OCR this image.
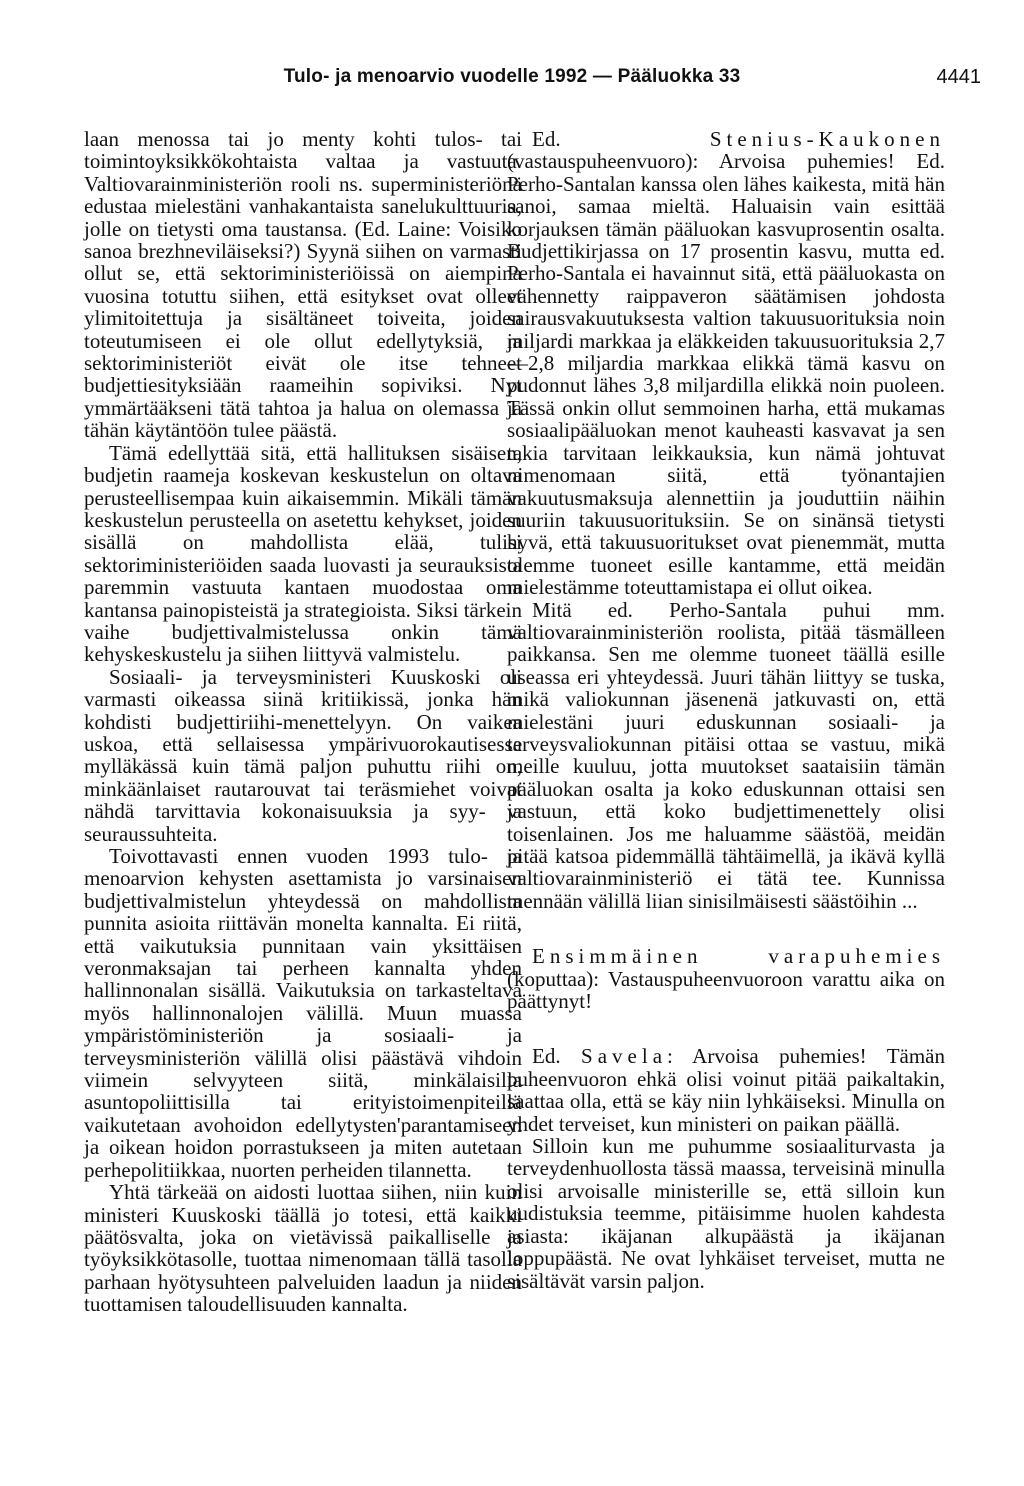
Tulo- ja menoarvio vuodelle 1992 — Pääluokka 33	4441

laan menossa tai jo menty kohti tulos- tai toimintoyksikkökohtaista valtaa ja vastuuta. Valtiovarainministeriön rooli ns. superministeriönä edustaa mielestäni vanhakantaista sanelukulttuuria, jolle on tietysti oma taustansa. (Ed. Laine: Voisiko sanoa brezhneviläiseksi?) Syynä siihen on varmasti ollut se, että sektoriministeriöissä on aiempina vuosina totuttu siihen, että esitykset ovat olleet ylimitoitettuja ja sisältäneet toiveita, joiden toteutumiseen ei ole ollut edellytyksiä, ja sektoriministeriöt eivät ole itse tehneet budjettiesityksiään raameihin sopiviksi. Nyt ymmärtääkseni tätä tahtoa ja halua on olemassa ja tähän käytäntöön tulee päästä.

Tämä edellyttää sitä, että hallituksen sisäisen, budjetin raameja koskevan keskustelun on oltava perusteellisempaa kuin aikaisemmin. Mikäli tämän keskustelun perusteella on asetettu kehykset, joiden sisällä on mahdollista elää, tulisi sektoriministeriöiden saada luovasti ja seurauksista paremmin vastuuta kantaen muodostaa oma kantansa painopisteistä ja strategioista. Siksi tärkein vaihe budjettivalmistelussa onkin tämä kehyskeskustelu ja siihen liittyvä valmistelu.

Sosiaali- ja terveysministeri Kuuskoski oli varmasti oikeassa siinä kritiikissä, jonka hän kohdisti budjettiriihi-menettelyyn. On vaikea uskoa, että sellaisessa ympärivuorokautisessa mylläkässä kuin tämä paljon puhuttu riihi on, minkäänlaiset rautarouvat tai teräsmiehet voivat nähdä tarvittavia kokonaisuuksia ja syy- ja seuraussuhteita.

Toivottavasti ennen vuoden 1993 tulo- ja menoarvion kehysten asettamista jo varsinaisen budjettivalmistelun yhteydessä on mahdollista punnita asioita riittävän monelta kannalta. Ei riitä, että vaikutuksia punnitaan vain yksittäisen veronmaksajan tai perheen kannalta yhden hallinnonalan sisällä. Vaikutuksia on tarkasteltava myös hallinnonalojen välillä. Muun muassa ympäristöministeriön ja sosiaali- ja terveysministeriön välillä olisi päästävä vihdoin viimein selvyyteen siitä, minkälaisilla asuntopoliittisilla tai erityistoimenpiteillä vaikutetaan avohoidon edellytysten'parantamiseen ja oikean hoidon porrastukseen ja miten autetaan perhepolitiikkaa, nuorten perheiden tilannetta.

Yhtä tärkeää on aidosti luottaa siihen, niin kuin ministeri Kuuskoski täällä jo totesi, että kaikki päätösvalta, joka on vietävissä paikalliselle ja työyksikkötasolle, tuottaa nimenomaan tällä tasolla parhaan hyötysuhteen palveluiden laadun ja niiden tuottamisen taloudellisuuden kannalta.

Ed.	Stenius-Kaukonen (vastauspuheenvuoro): Arvoisa puhemies! Ed. Perho-Santalan kanssa olen lähes kaikesta, mitä hän sanoi, samaa mieltä. Haluaisin vain esittää korjauksen tämän pääluokan kasvuprosentin osalta. Budjettikirjassa on 17 prosentin kasvu, mutta ed. Perho-Santala ei havainnut sitä, että pääluokasta on vähennetty raippaveron säätämisen johdosta sairausvakuutuksesta valtion takuusuorituksia noin miljardi markkaa ja eläkkeiden takuusuorituksia 2,7—2,8 miljardia markkaa elikkä tämä kasvu on pudonnut lähes 3,8 miljardilla elikkä noin puoleen. Tässä onkin ollut semmoinen harha, että mukamas sosiaalipääluokan menot kauheasti kasvavat ja sen takia tarvitaan leikkauksia, kun nämä johtuvat nimenomaan siitä, että työnantajien vakuutusmaksuja alennettiin ja jouduttiin näihin suuriin takuusuorituksiin. Se on sinänsä tietysti hyvä, että takuusuoritukset ovat pienemmät, mutta olemme tuoneet esille kantamme, että meidän mielestämme toteuttamistapa ei ollut oikea.

Mitä ed. Perho-Santala puhui mm. valtiovarainministeriön roolista, pitää täsmälleen paikkansa. Sen me olemme tuoneet täällä esille useassa eri yhteydessä. Juuri tähän liittyy se tuska, mikä valiokunnan jäsenenä jatkuvasti on, että mielestäni juuri eduskunnan sosiaali- ja terveysvaliokunnan pitäisi ottaa se vastuu, mikä meille kuuluu, jotta muutokset saataisiin tämän pääluokan osalta ja koko eduskunnan ottaisi sen vastuun, että koko budjettimenettely olisi toisenlainen. Jos me haluamme säästöä, meidän pitää katsoa pidemmällä tähtäimellä, ja ikävä kyllä valtiovarainministeriö ei tätä tee. Kunnissa mennään välillä liian sinisilmäisesti säästöihin ...

Ensimmäinen varapuhemies (koputtaa): Vastauspuheenvuoroon varattu aika on päättynyt!

Ed. Savela: Arvoisa puhemies! Tämän puheenvuoron ehkä olisi voinut pitää paikaltakin, saattaa olla, että se käy niin lyhkäiseksi. Minulla on yhdet terveiset, kun ministeri on paikan päällä.

Silloin kun me puhumme sosiaaliturvasta ja terveydenhuollosta tässä maassa, terveisinä minulla olisi arvoisalle ministerille se, että silloin kun uudistuksia teemme, pitäisimme huolen kahdesta asiasta: ikäjanan alkupäästä ja ikäjanan loppupäästä. Ne ovat lyhkäiset terveiset, mutta ne sisältävät varsin paljon.
